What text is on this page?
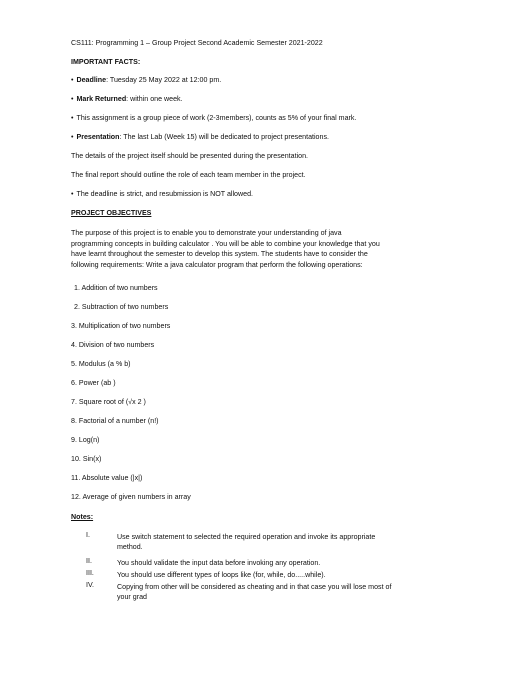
CS111: Programming 1 – Group Project Second Academic Semester 2021-2022
IMPORTANT FACTS:
• Deadline: Tuesday 25 May 2022 at 12:00 pm.
• Mark Returned: within one week.
• This assignment is a group piece of work (2-3members), counts as 5% of your final mark.
• Presentation: The last Lab (Week 15) will be dedicated to project presentations.
The details of the project itself should be presented during the presentation.
The final report should outline the role of each team member in the project.
• The deadline is strict, and resubmission is NOT allowed.
PROJECT OBJECTIVES
The purpose of this project is to enable you to demonstrate your understanding of java
programming concepts in building calculator . You will be able to combine your knowledge that you
have learnt throughout the semester to develop this system. The students have to consider the
following requirements: Write a java calculator program that perform the following operations:
1. Addition of two numbers
2. Subtraction of two numbers
3. Multiplication of two numbers
4. Division of two numbers
5. Modulus (a % b)
6. Power (ab )
7. Square root of (√x 2 )
8. Factorial of a number (n!)
9. Log(n)
10. Sin(x)
11. Absolute value (|x|)
12. Average of given numbers in array
Notes:
I.	Use switch statement to selected the required operation and invoke its appropriate
method.
II.	You should validate the input data before invoking any operation.
III.	You should use different types of loops like (for, while, do.....while).
IV.	Copying from other will be considered as cheating and in that case you will lose most of
your grad
